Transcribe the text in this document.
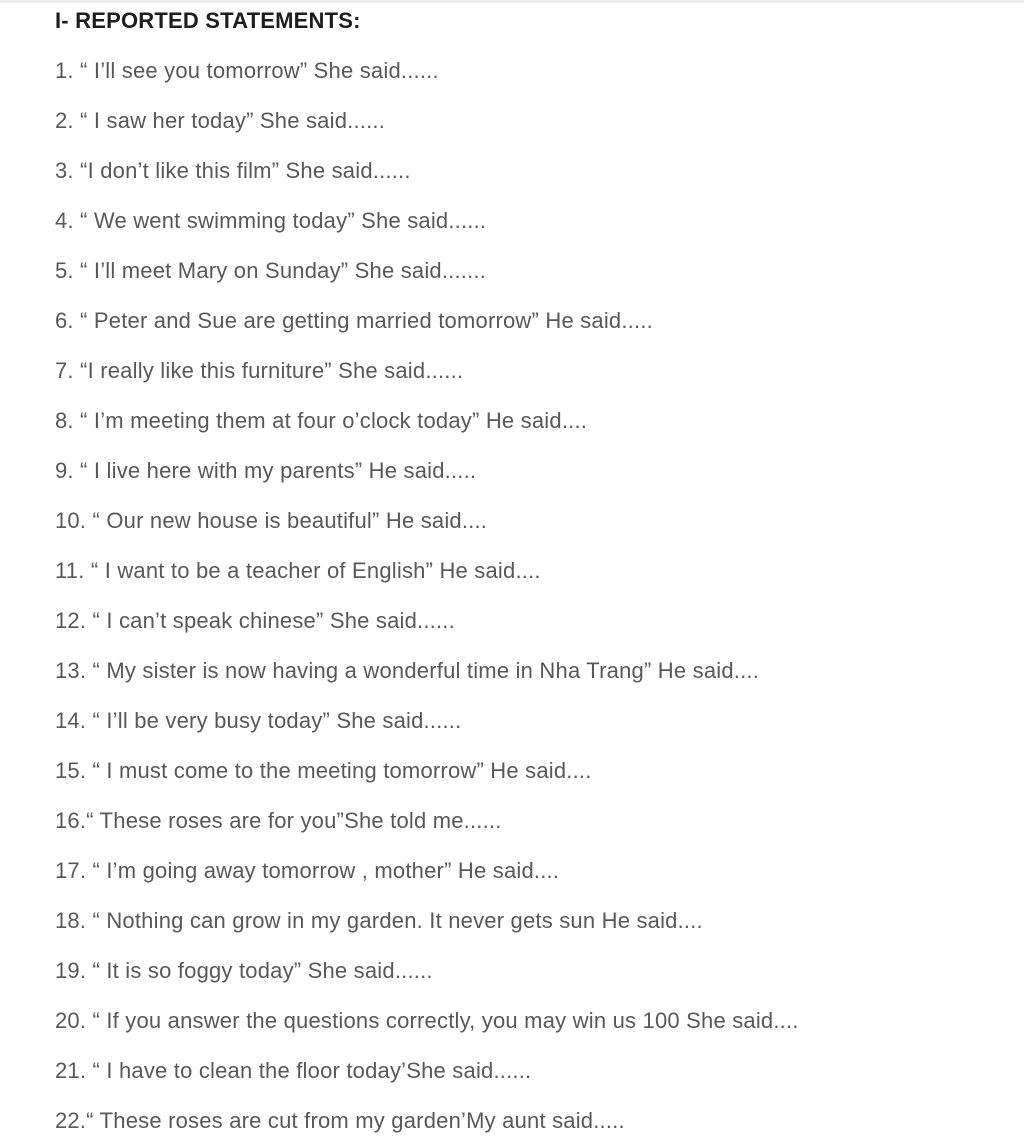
I- REPORTED STATEMENTS:
1. “ I’ll see you tomorrow” She said......
2. “ I saw her today” She said......
3. “I don’t like this film” She said......
4. “ We went swimming today” She said......
5. “ I’ll meet Mary on Sunday” She said.......
6. “ Peter and Sue are getting married tomorrow” He said.....
7. “I really like this furniture” She said......
8. “ I’m meeting them at four o’clock today” He said....
9. “ I live here with my parents” He said.....
10. “ Our new house is beautiful” He said....
11. “ I want to be a teacher of English” He said....
12. “ I can’t speak chinese” She said......
13. “ My sister is now having a wonderful time in Nha Trang” He said....
14. “ I’ll be very busy today” She said......
15. “ I must come to the meeting tomorrow” He said....
16.“ These roses are for you”She told me......
17. “ I’m going away tomorrow , mother” He said....
18. “ Nothing can grow in my garden. It never gets sun He said....
19. “ It is so foggy today” She said......
20. “ If you answer the questions correctly, you may win us 100 She said....
21. “ I have to clean the floor today’She said......
22.“ These roses are cut from my garden’My aunt said.....
